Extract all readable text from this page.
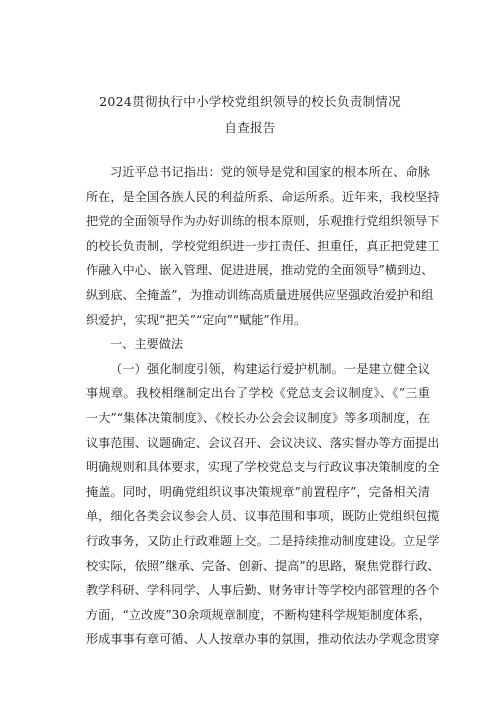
2024贯彻执行中小学校党组织领导的校长负责制情况
自查报告
习近平总书记指出：党的领导是党和国家的根本所在、命脉
所在，是全国各族人民的利益所系、命运所系。近年来，我校坚持
把党的全面领导作为办好训练的根本原则，乐观推行党组织领导下
的校长负责制，学校党组织进一步扛责任、担重任，真正把党建工
作融入中心、嵌入管理、促进进展，推动党的全面领导”横到边、
纵到底、全掩盖”，为推动训练高质量进展供应坚强政治爱护和组
织爱护，实现“把关”“定向”“赋能”作用。
一、主要做法
（一）强化制度引领，构建运行爱护机制。一是建立健全议
事规章。我校相继制定出台了学校《党总支会议制度》、《”三重
一大”“集体决策制度》、《校长办公会会议制度》等多项制度，在
议事范围、议题确定、会议召开、会议决议、落实督办等方面提出
明确规则和具体要求，实现了学校党总支与行政议事决策制度的全
掩盖。同时，明确党组织议事决策规章”前置程序”，完备相关清
单，细化各类会议参会人员、议事范围和事项，既防止党组织包揽
行政事务，又防止行政难题上交。二是持续推动制度建设。立足学
校实际，依照”继承、完备、创新、提高”的思路，聚焦党群行政、
教学科研、学科同学、人事后勤、财务审计等学校内部管理的各个
方面，“立改废”30余项规章制度，不断构建科学规矩制度体系，
形成事事有章可循、人人按章办事的氛围，推动依法办学观念贯穿
